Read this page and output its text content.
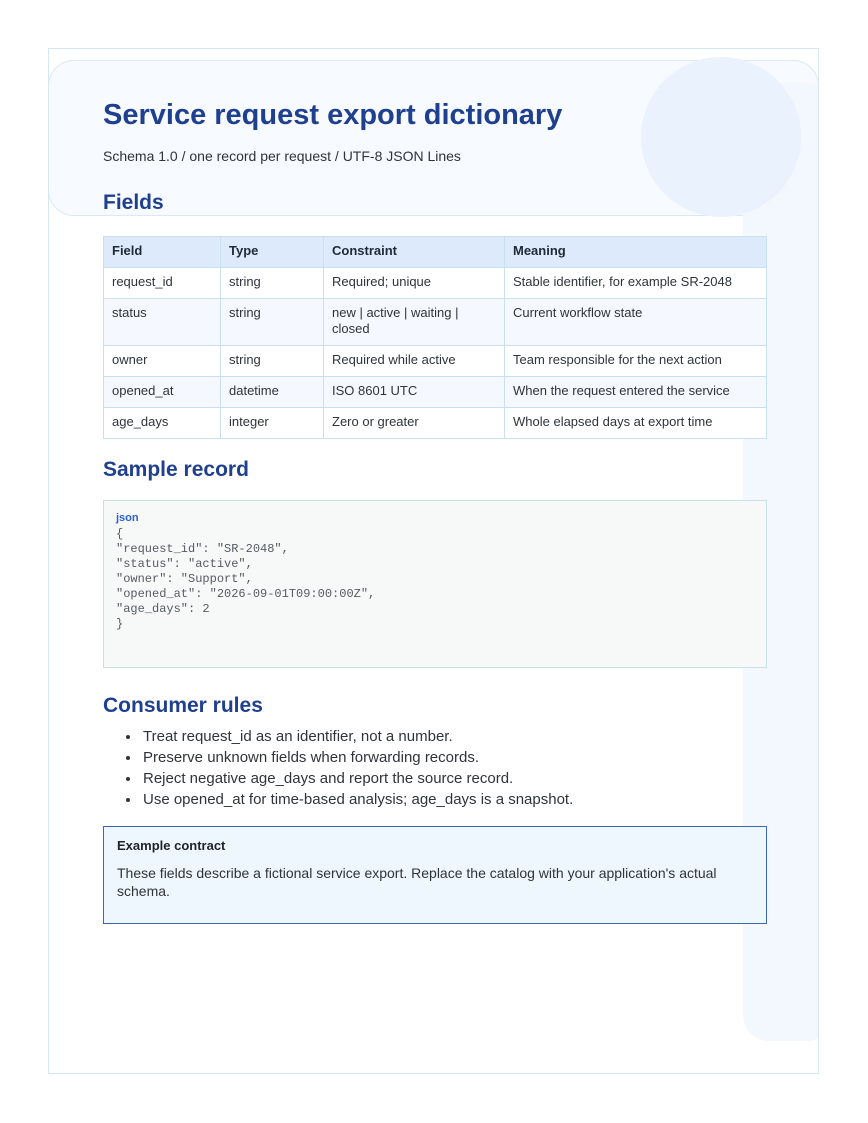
Service request export dictionary

Schema 1.0 / one record per request / UTF-8 JSON Lines

Fields
Field	Type	Constraint	Meaning
request_id	string	Required; unique	Stable identifier, for example SR-2048
status	string	new | active | waiting | closed	Current workflow state
owner	string	Required while active	Team responsible for the next action
opened_at	datetime	ISO 8601 UTC	When the request entered the service
age_days	integer	Zero or greater	Whole elapsed days at export time
Sample record
json
{
"request_id": "SR-2048",
"status": "active",
"owner": "Support",
"opened_at": "2026-09-01T09:00:00Z",
"age_days": 2
}
Consumer rules
• Treat request_id as an identifier, not a number.
• Preserve unknown fields when forwarding records.
• Reject negative age_days and report the source record.
• Use opened_at for time-based analysis; age_days is a snapshot.
Example contract
These fields describe a fictional service export. Replace the catalog with your application's actual schema.
